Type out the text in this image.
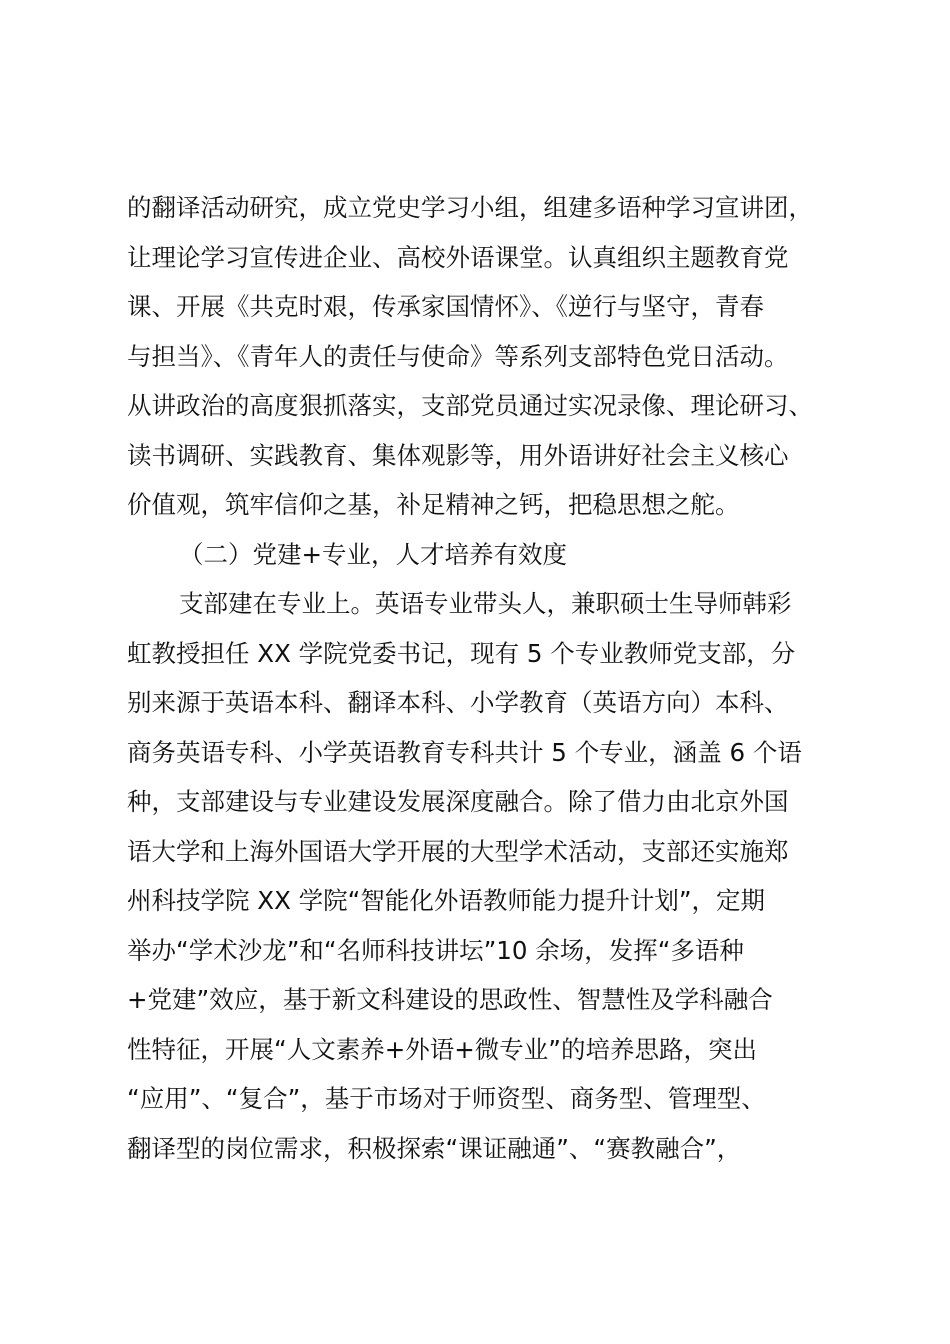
的翻译活动研究，成立党史学习小组，组建多语种学习宣讲团，
让理论学习宣传进企业、高校外语课堂。认真组织主题教育党
课、开展《共克时艰，传承家国情怀》、《逆行与坚守，青春
与担当》、《青年人的责任与使命》等系列支部特色党日活动。
从讲政治的高度狠抓落实，支部党员通过实况录像、理论研习、
读书调研、实践教育、集体观影等，用外语讲好社会主义核心
价值观，筑牢信仰之基，补足精神之钙，把稳思想之舵。
（二）党建+专业，人才培养有效度
支部建在专业上。英语专业带头人，兼职硕士生导师韩彩
虹教授担任 XX 学院党委书记，现有 5 个专业教师党支部，分
别来源于英语本科、翻译本科、小学教育（英语方向）本科、
商务英语专科、小学英语教育专科共计 5 个专业，涵盖 6 个语
种，支部建设与专业建设发展深度融合。除了借力由北京外国
语大学和上海外国语大学开展的大型学术活动，支部还实施郑
州科技学院 XX 学院“智能化外语教师能力提升计划”，定期
举办“学术沙龙”和“名师科技讲坛”10 余场，发挥“多语种
+党建”效应，基于新文科建设的思政性、智慧性及学科融合
性特征，开展“人文素养+外语+微专业”的培养思路，突出
“应用”、“复合”，基于市场对于师资型、商务型、管理型、
翻译型的岗位需求，积极探索“课证融通”、“赛教融合”，
